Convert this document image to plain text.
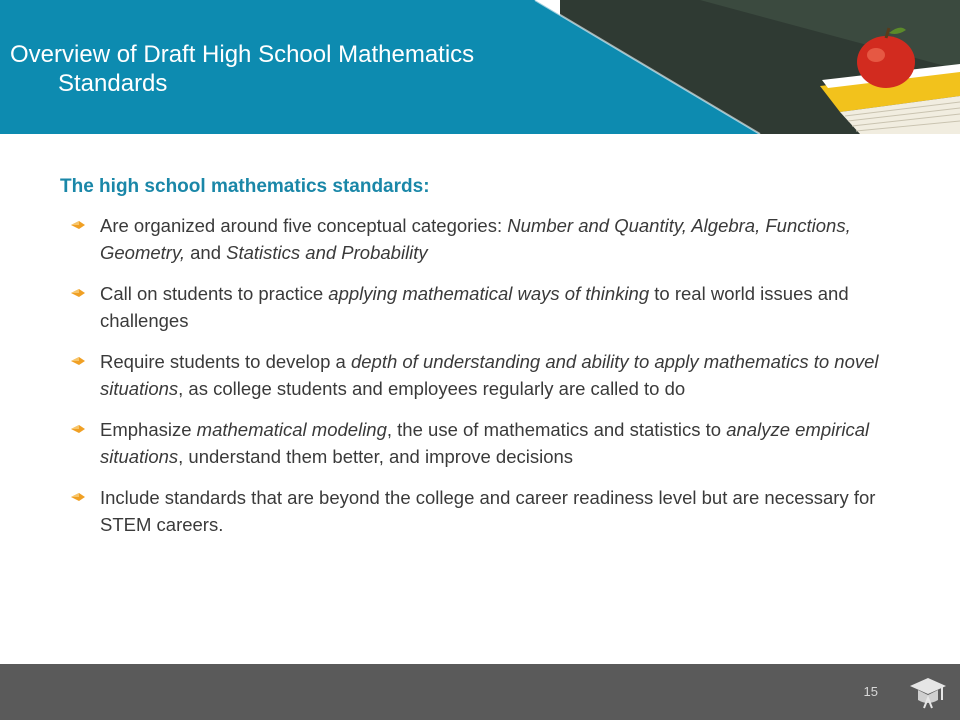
Overview of Draft High School Mathematics
Standards

The high school mathematics standards:

Are organized around five conceptual categories: Number and Quantity, Algebra, Functions, Geometry, and Statistics and Probability
Call on students to practice applying mathematical ways of thinking to real world issues and challenges
Require students to develop a depth of understanding and ability to apply mathematics to novel situations, as college students and employees regularly are called to do
Emphasize mathematical modeling, the use of mathematics and statistics to analyze empirical situations, understand them better, and improve decisions
Include standards that are beyond the college and career readiness level but are necessary for STEM careers.
15
